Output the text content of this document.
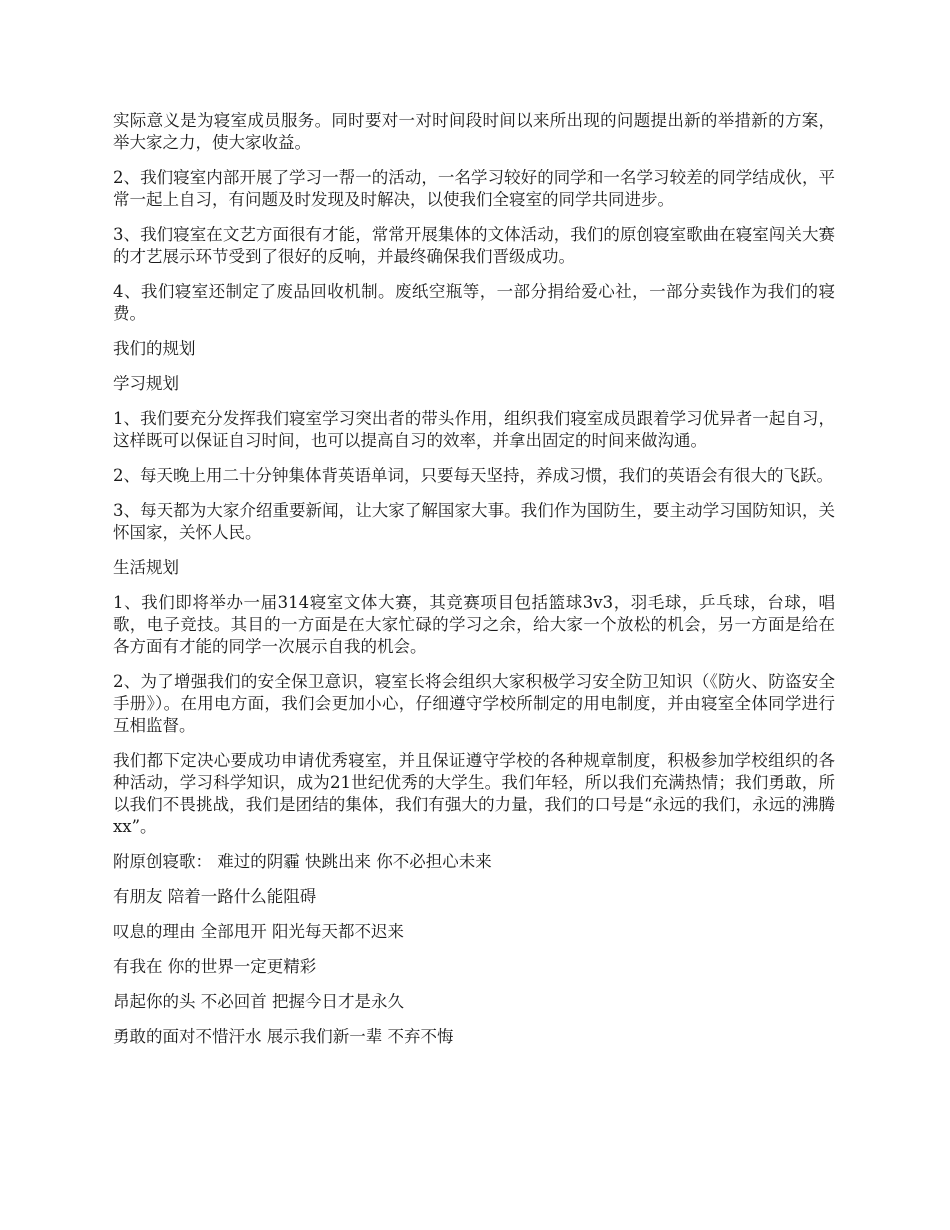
实际意义是为寝室成员服务。同时要对一对时间段时间以来所出现的问题提出新的举措新的方案，举大家之力，使大家收益。

2、我们寝室内部开展了学习一帮一的活动，一名学习较好的同学和一名学习较差的同学结成伙，平常一起上自习，有问题及时发现及时解决，以使我们全寝室的同学共同进步。

3、我们寝室在文艺方面很有才能，常常开展集体的文体活动，我们的原创寝室歌曲在寝室闯关大赛的才艺展示环节受到了很好的反响，并最终确保我们晋级成功。

4、我们寝室还制定了废品回收机制。废纸空瓶等，一部分捐给爱心社，一部分卖钱作为我们的寝费。

我们的规划

学习规划

1、我们要充分发挥我们寝室学习突出者的带头作用，组织我们寝室成员跟着学习优异者一起自习，这样既可以保证自习时间，也可以提高自习的效率，并拿出固定的时间来做沟通。

2、每天晚上用二十分钟集体背英语单词，只要每天坚持，养成习惯，我们的英语会有很大的飞跃。

3、每天都为大家介绍重要新闻，让大家了解国家大事。我们作为国防生，要主动学习国防知识，关怀国家，关怀人民。

生活规划

1、我们即将举办一届314寝室文体大赛，其竞赛项目包括篮球3v3，羽毛球，乒乓球，台球，唱歌，电子竞技。其目的一方面是在大家忙碌的学习之余，给大家一个放松的机会，另一方面是给在各方面有才能的同学一次展示自我的机会。

2、为了增强我们的安全保卫意识，寝室长将会组织大家积极学习安全防卫知识（《防火、防盗安全手册》）。在用电方面，我们会更加小心，仔细遵守学校所制定的用电制度，并由寝室全体同学进行互相监督。

我们都下定决心要成功申请优秀寝室，并且保证遵守学校的各种规章制度，积极参加学校组织的各种活动，学习科学知识，成为21世纪优秀的大学生。我们年轻，所以我们充满热情；我们勇敢，所以我们不畏挑战，我们是团结的集体，我们有强大的力量，我们的口号是“永远的我们，永远的沸腾xx”。

附原创寝歌： 难过的阴霾 快跳出来 你不必担心未来

有朋友 陪着一路什么能阻碍

叹息的理由 全部甩开 阳光每天都不迟来

有我在 你的世界一定更精彩

昂起你的头 不必回首 把握今日才是永久

勇敢的面对不惜汗水 展示我们新一辈 不弃不悔
